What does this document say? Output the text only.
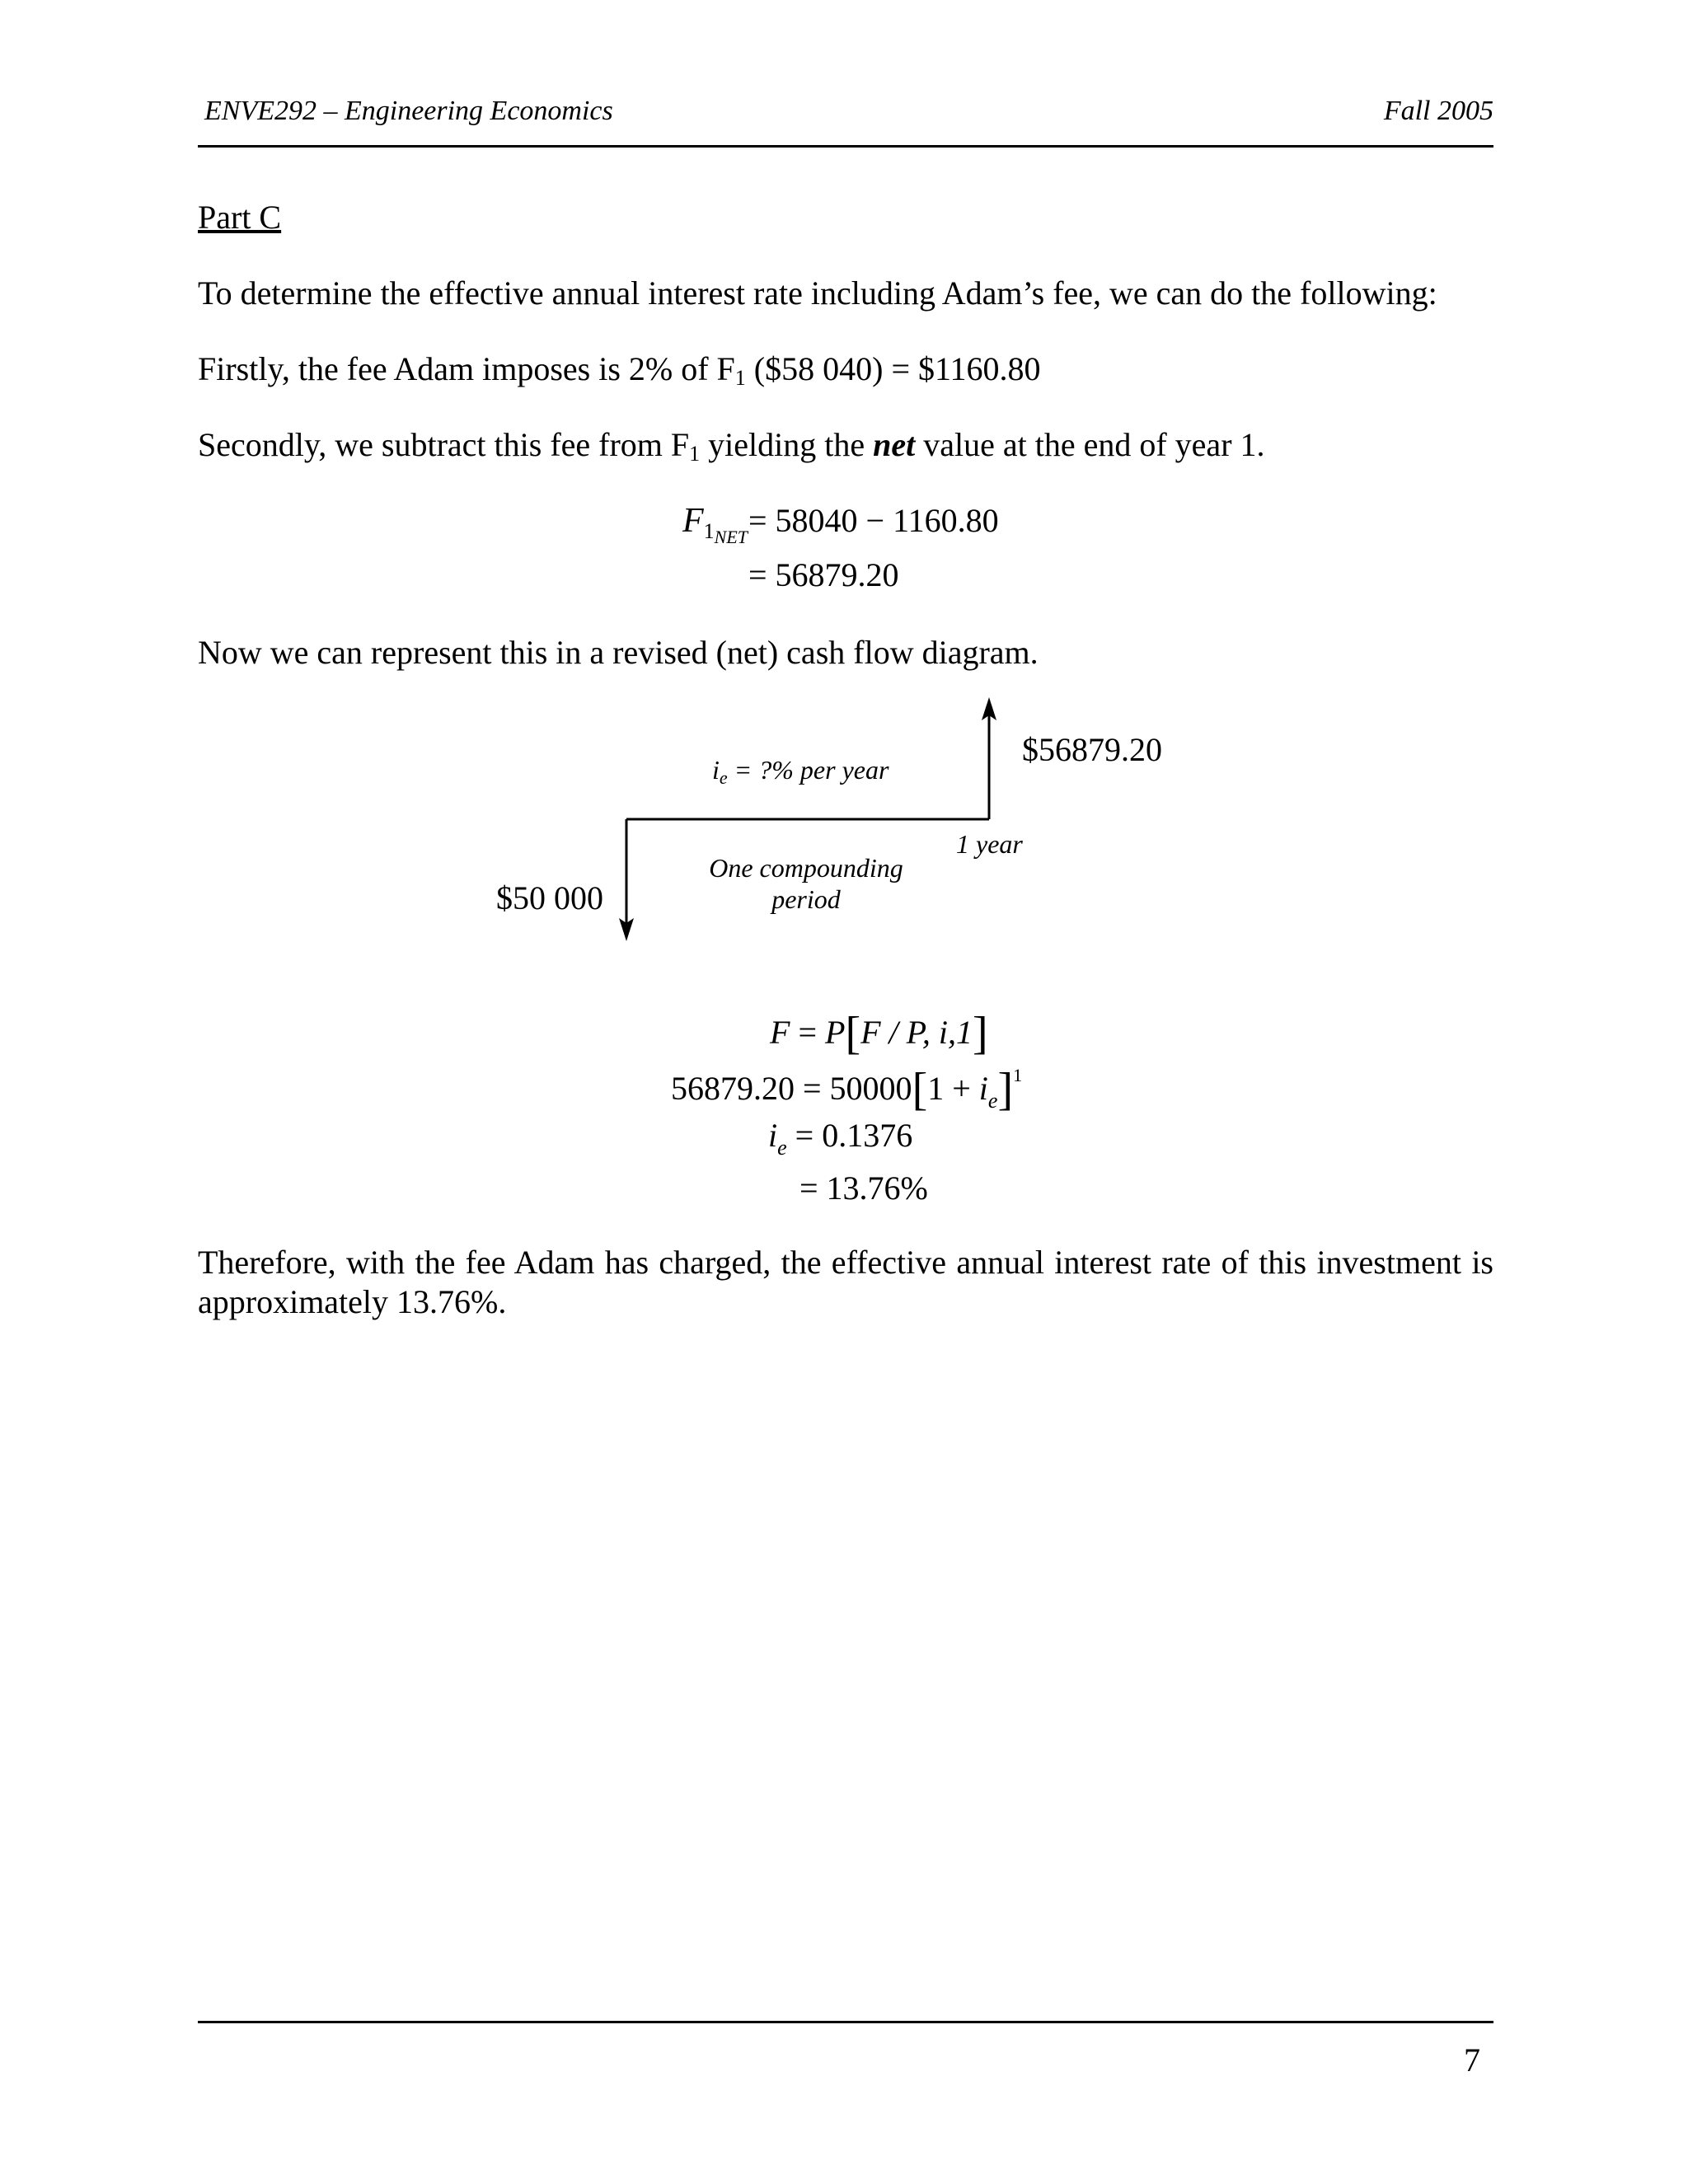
ENVE292 – Engineering Economics	Fall 2005
Part C
To determine the effective annual interest rate including Adam’s fee, we can do the following:
Firstly, the fee Adam imposes is 2% of F1 ($58 040) = $1160.80
Secondly, we subtract this fee from F1 yielding the net value at the end of year 1.
$F_{1NET} = 58040 - 1160.80$
= 56879.20
Now we can represent this in a revised (net) cash flow diagram.
ie = ?% per year
$56879.20
$50 000
1 year
One compounding
period
F = P[F / P, i,1]
$56879.20 = 50000[1 + i_e]^1$
$i_e = 0.1376$
= 13.76%
Therefore, with the fee Adam has charged, the effective annual interest rate of this investment is approximately 13.76%.
7
